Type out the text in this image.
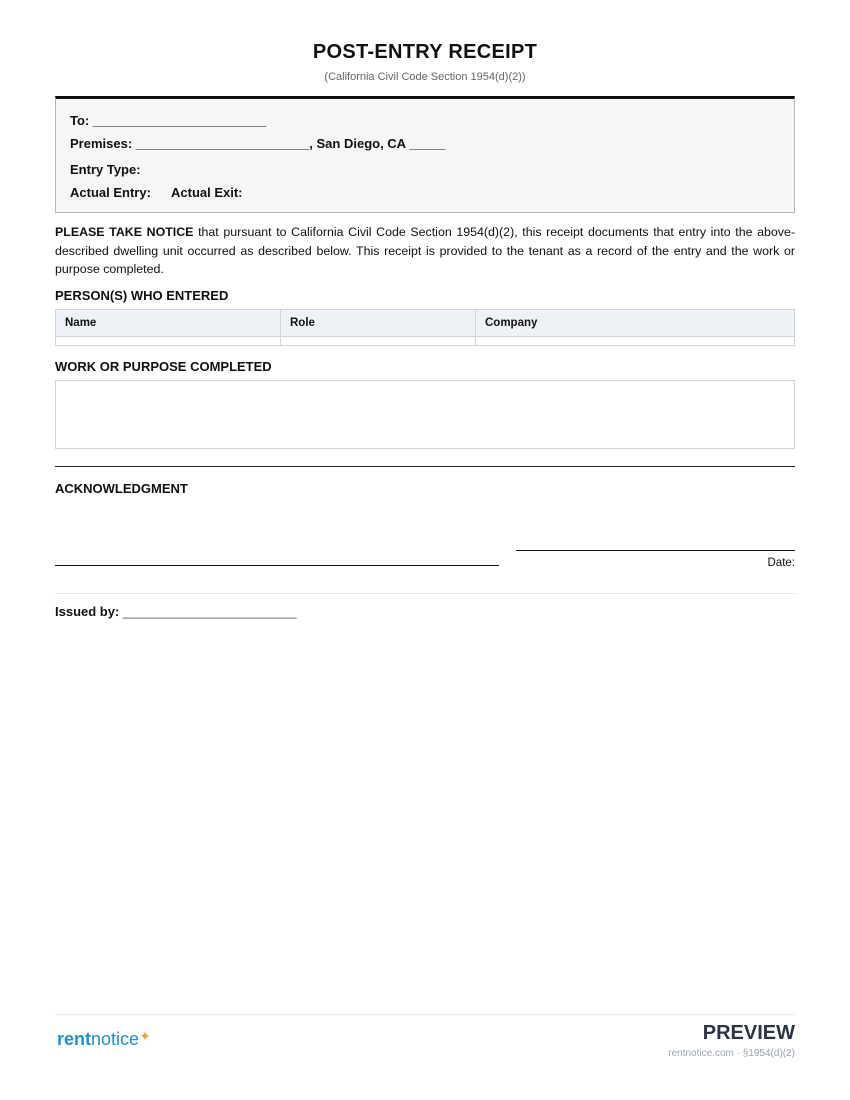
POST-ENTRY RECEIPT
(California Civil Code Section 1954(d)(2))
To: ________________________
Premises: ________________________, San Diego, CA _____
Entry Type:
Actual Entry: Actual Exit:
PLEASE TAKE NOTICE that pursuant to California Civil Code Section 1954(d)(2), this receipt documents that entry into the above-described dwelling unit occurred as described below. This receipt is provided to the tenant as a record of the entry and the work or purpose completed.
PERSON(S) WHO ENTERED
Name	Role	Company

WORK OR PURPOSE COMPLETED
ACKNOWLEDGMENT
Date:
Issued by: ________________________
rentnotice✦	PREVIEW
rentnotice.com · §1954(d)(2)
